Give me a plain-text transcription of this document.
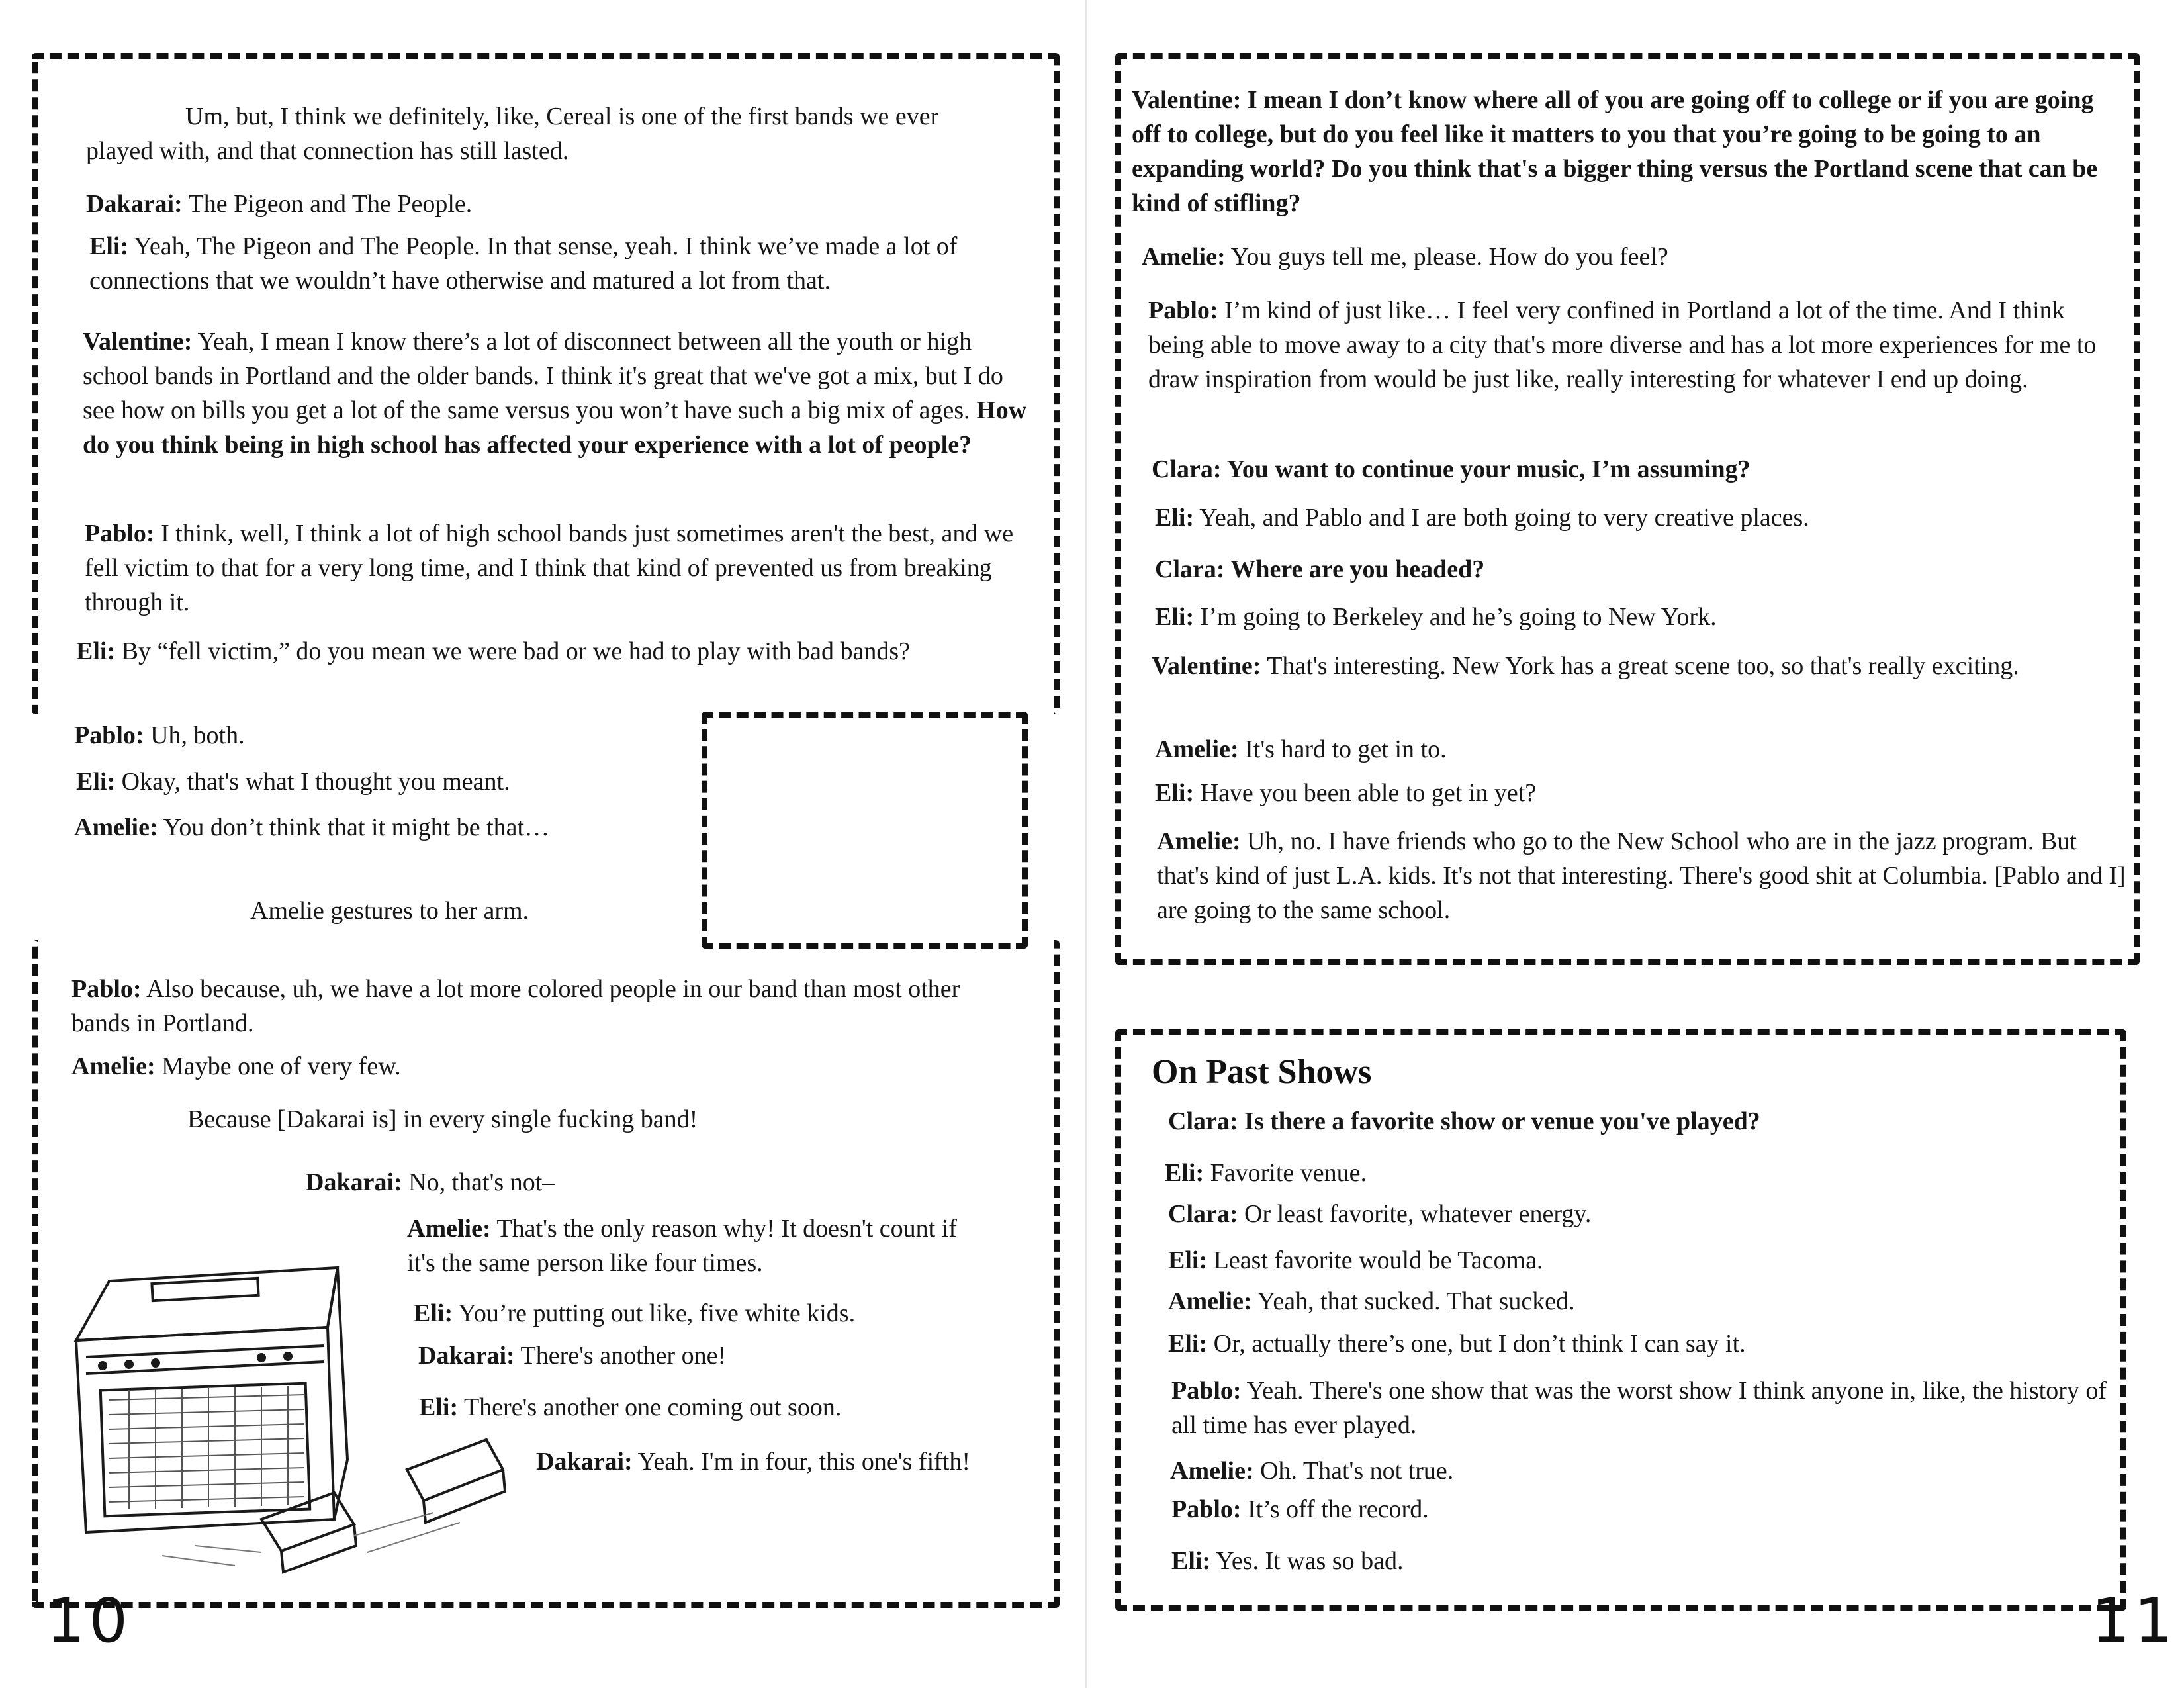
Um, but, I think we definitely, like, Cereal is one of the first bands we ever played with, and that connection has still lasted.

Dakarai: The Pigeon and The People.

Eli: Yeah, The Pigeon and The People. In that sense, yeah. I think we’ve made a lot of connections that we wouldn’t have otherwise and matured a lot from that.

Valentine: Yeah, I mean I know there’s a lot of disconnect between all the youth or high school bands in Portland and the older bands. I think it's great that we've got a mix, but I do see how on bills you get a lot of the same versus you won’t have such a big mix of ages. How do you think being in high school has affected your experience with a lot of people?

Pablo: I think, well, I think a lot of high school bands just sometimes aren't the best, and we fell victim to that for a very long time, and I think that kind of prevented us from breaking through it.

Eli: By “fell victim,” do you mean we were bad or we had to play with bad bands?

Pablo: Uh, both.

Eli: Okay, that's what I thought you meant.

Amelie: You don’t think that it might be that…

Amelie gestures to her arm.

Pablo: Also because, uh, we have a lot more colored people in our band than most other bands in Portland.

Amelie: Maybe one of very few.

Because [Dakarai is] in every single fucking band!

Dakarai: No, that's not–

Amelie: That's the only reason why! It doesn't count if it's the same person like four times.

Eli: You’re putting out like, five white kids.

Dakarai: There's another one!

Eli: There's another one coming out soon.

Dakarai: Yeah. I'm in four, this one's fifth!

10

Valentine: I mean I don’t know where all of you are going off to college or if you are going off to college, but do you feel like it matters to you that you’re going to be going to an expanding world? Do you think that's a bigger thing versus the Portland scene that can be kind of stifling?

Amelie: You guys tell me, please. How do you feel?

Pablo: I’m kind of just like… I feel very confined in Portland a lot of the time. And I think being able to move away to a city that's more diverse and has a lot more experiences for me to draw inspiration from would be just like, really interesting for whatever I end up doing.

Clara: You want to continue your music, I’m assuming?

Eli: Yeah, and Pablo and I are both going to very creative places.

Clara: Where are you headed?

Eli: I’m going to Berkeley and he’s going to New York.

Valentine: That's interesting. New York has a great scene too, so that's really exciting.

Amelie: It's hard to get in to.

Eli: Have you been able to get in yet?

Amelie: Uh, no. I have friends who go to the New School who are in the jazz program. But that's kind of just L.A. kids. It's not that interesting. There's good shit at Columbia. [Pablo and I] are going to the same school.

On Past Shows

Clara: Is there a favorite show or venue you've played?

Eli: Favorite venue.

Clara: Or least favorite, whatever energy.

Eli: Least favorite would be Tacoma.

Amelie: Yeah, that sucked. That sucked.

Eli: Or, actually there’s one, but I don’t think I can say it.

Pablo: Yeah. There's one show that was the worst show I think anyone in, like, the history of all time has ever played.

Amelie: Oh. That's not true.

Pablo: It’s off the record.

Eli: Yes. It was so bad.

11
